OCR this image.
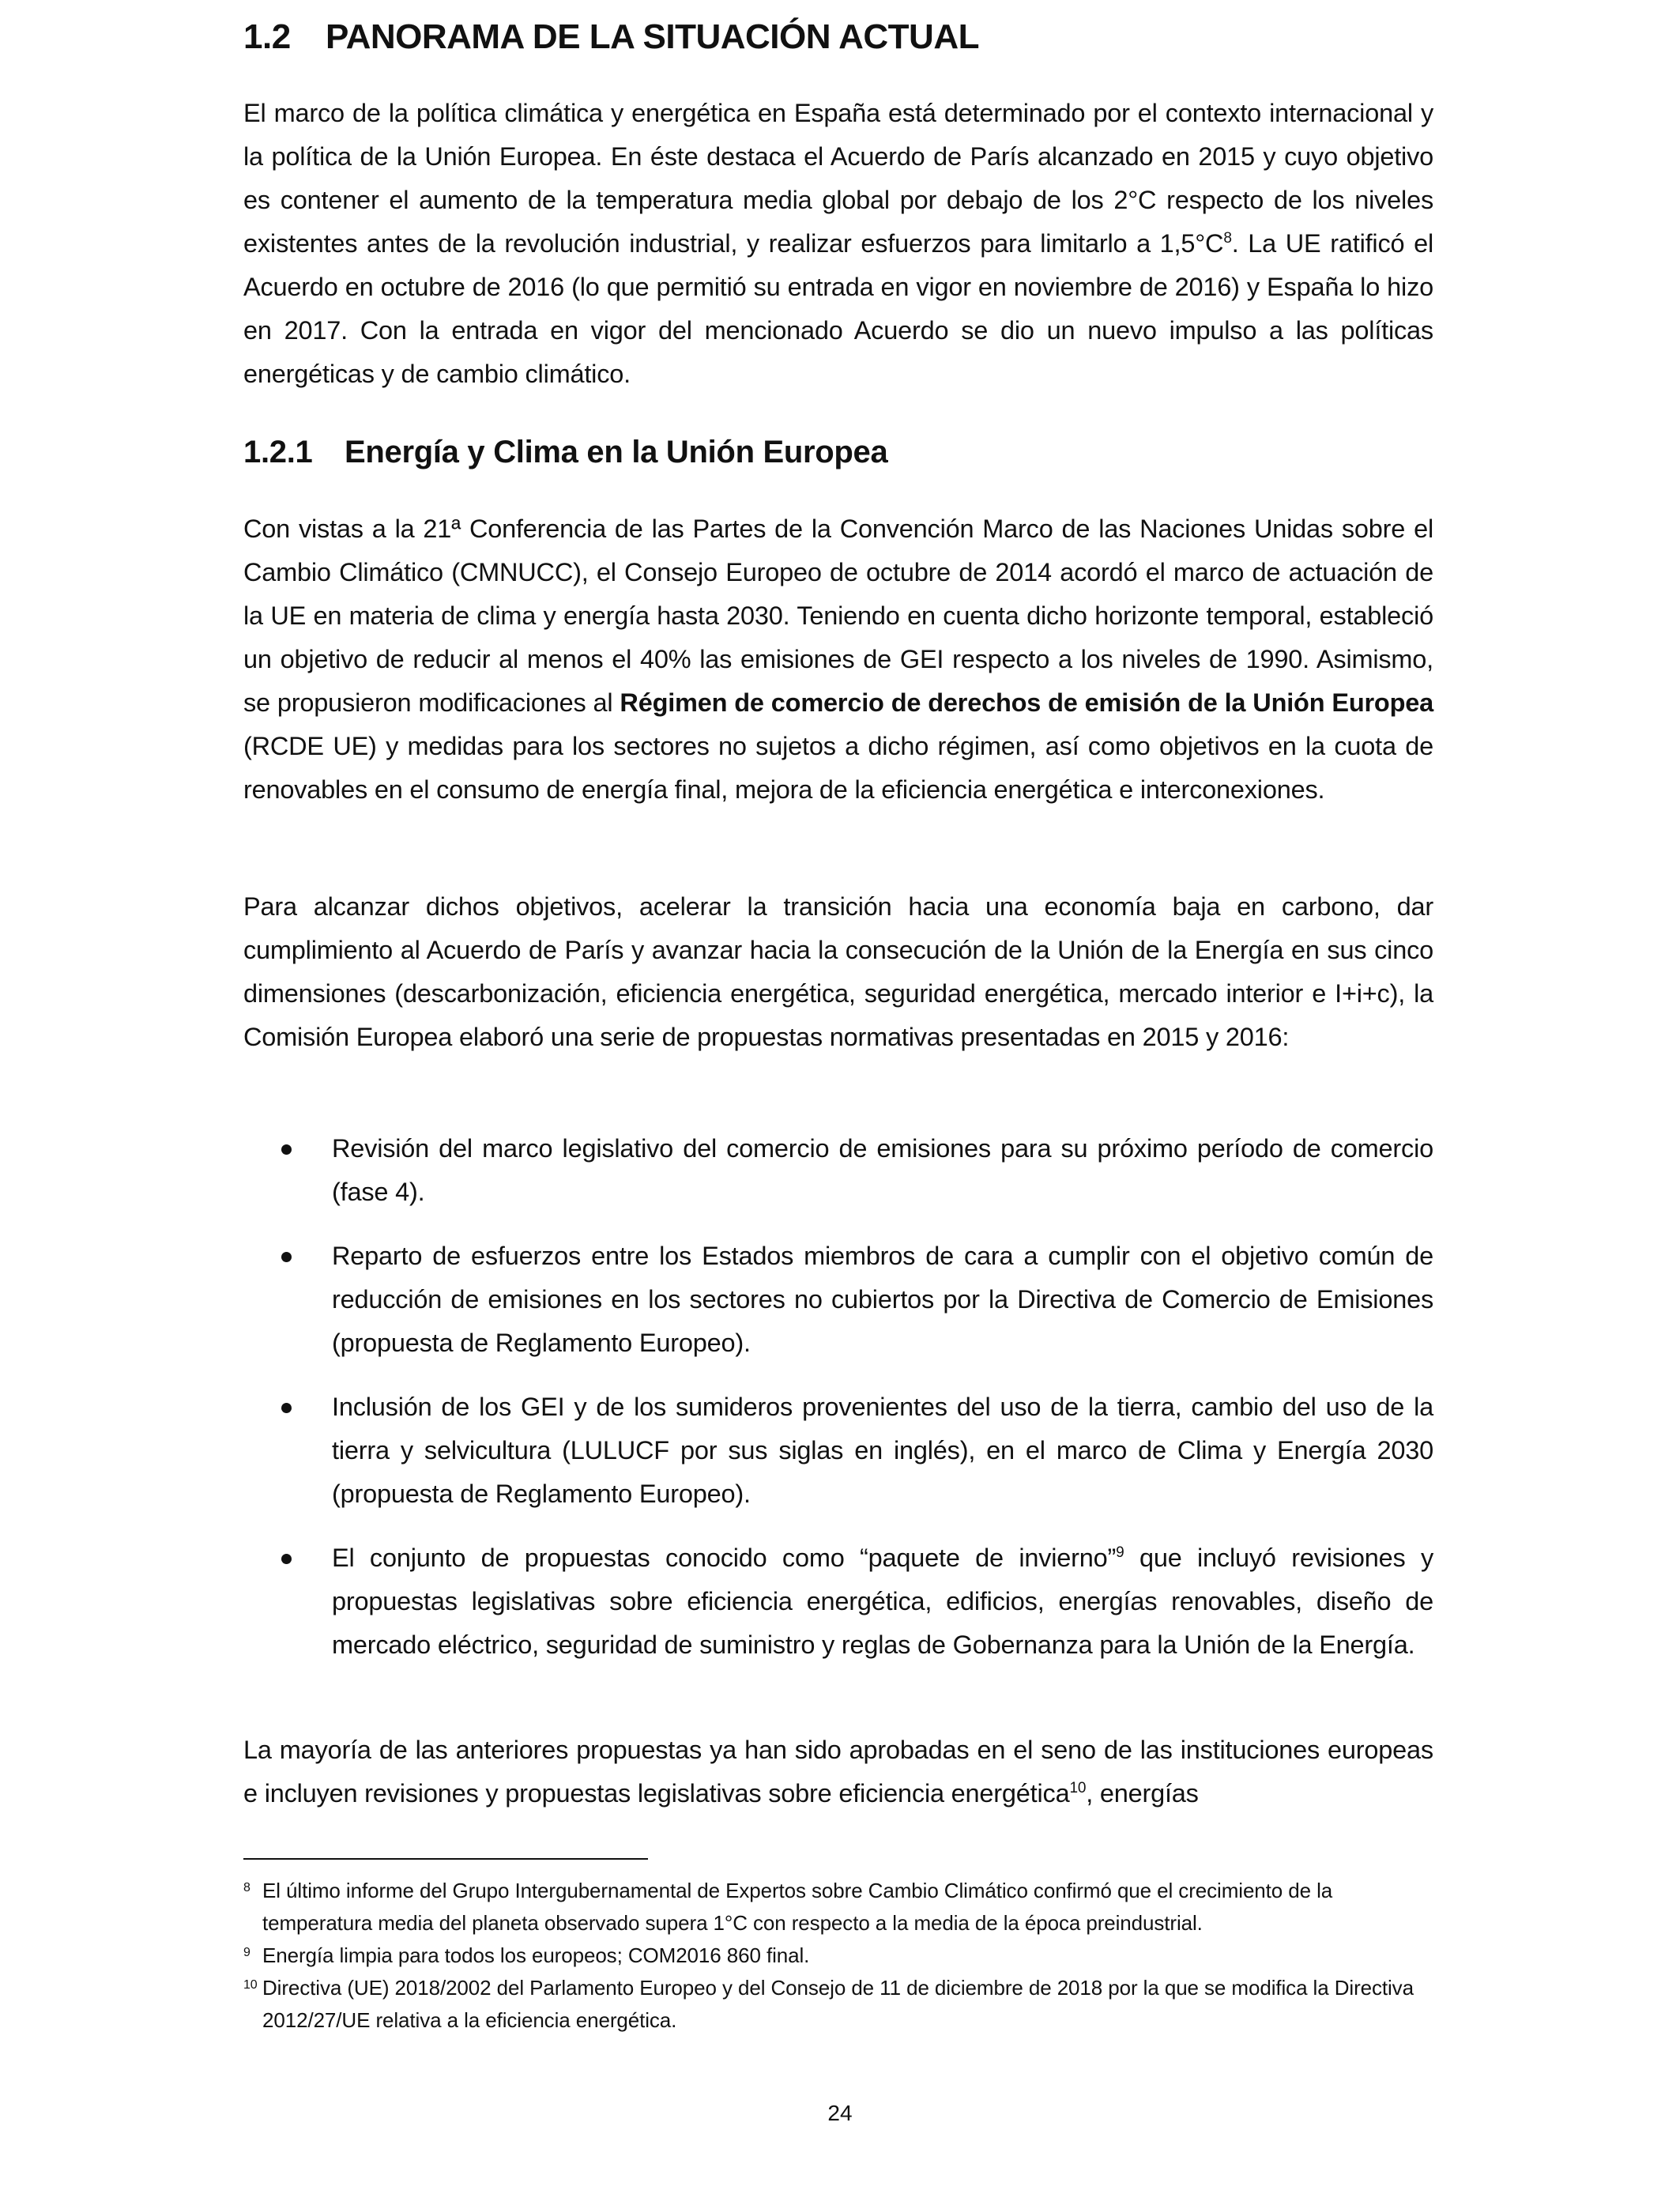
1.2 PANORAMA DE LA SITUACIÓN ACTUAL
El marco de la política climática y energética en España está determinado por el contexto internacional y la política de la Unión Europea. En éste destaca el Acuerdo de París alcanzado en 2015 y cuyo objetivo es contener el aumento de la temperatura media global por debajo de los 2°C respecto de los niveles existentes antes de la revolución industrial, y realizar esfuerzos para limitarlo a $1,5^\circ C^8$. La UE ratificó el Acuerdo en octubre de 2016 (lo que permitió su entrada en vigor en noviembre de 2016) y España lo hizo en 2017. Con la entrada en vigor del mencionado Acuerdo se dio un nuevo impulso a las políticas energéticas y de cambio climático.
1.2.1 Energía y Clima en la Unión Europea
Con vistas a la 21ª Conferencia de las Partes de la Convención Marco de las Naciones Unidas sobre el Cambio Climático (CMNUCC), el Consejo Europeo de octubre de 2014 acordó el marco de actuación de la UE en materia de clima y energía hasta 2030. Teniendo en cuenta dicho horizonte temporal, estableció un objetivo de reducir al menos el 40% las emisiones de GEI respecto a los niveles de 1990. Asimismo, se propusieron modificaciones al Régimen de comercio de derechos de emisión de la Unión Europea (RCDE UE) y medidas para los sectores no sujetos a dicho régimen, así como objetivos en la cuota de renovables en el consumo de energía final, mejora de la eficiencia energética e interconexiones.
Para alcanzar dichos objetivos, acelerar la transición hacia una economía baja en carbono, dar cumplimiento al Acuerdo de París y avanzar hacia la consecución de la Unión de la Energía en sus cinco dimensiones (descarbonización, eficiencia energética, seguridad energética, mercado interior e I+i+c), la Comisión Europea elaboró una serie de propuestas normativas presentadas en 2015 y 2016:
Revisión del marco legislativo del comercio de emisiones para su próximo período de comercio (fase 4).
Reparto de esfuerzos entre los Estados miembros de cara a cumplir con el objetivo común de reducción de emisiones en los sectores no cubiertos por la Directiva de Comercio de Emisiones (propuesta de Reglamento Europeo).
Inclusión de los GEI y de los sumideros provenientes del uso de la tierra, cambio del uso de la tierra y selvicultura (LULUCF por sus siglas en inglés), en el marco de Clima y Energía 2030 (propuesta de Reglamento Europeo).
El conjunto de propuestas conocido como “paquete de invierno”$^9$ que incluyó revisiones y propuestas legislativas sobre eficiencia energética, edificios, energías renovables, diseño de mercado eléctrico, seguridad de suministro y reglas de Gobernanza para la Unión de la Energía.
La mayoría de las anteriores propuestas ya han sido aprobadas en el seno de las instituciones europeas e incluyen revisiones y propuestas legislativas sobre eficiencia energética$^{10}$, energías
8 El último informe del Grupo Intergubernamental de Expertos sobre Cambio Climático confirmó que el crecimiento de la temperatura media del planeta observado supera 1°C con respecto a la media de la época preindustrial.
9 Energía limpia para todos los europeos; COM2016 860 final.
10 Directiva (UE) 2018/2002 del Parlamento Europeo y del Consejo de 11 de diciembre de 2018 por la que se modifica la Directiva 2012/27/UE relativa a la eficiencia energética.
24
